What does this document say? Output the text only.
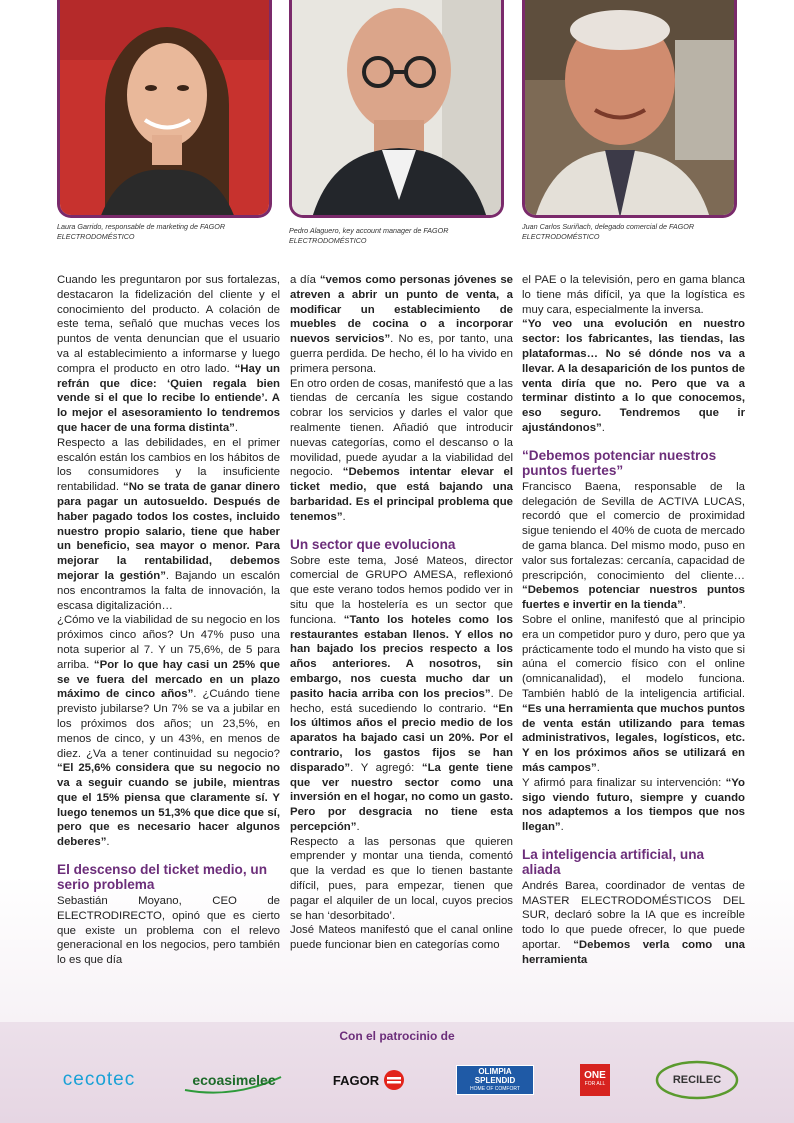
Laura Garrido, responsable de marketing de FAGOR ELECTRODOMÉSTICO
Pedro Alaguero, key account manager de FAGOR ELECTRODOMÉSTICO
Juan Carlos Suriñach, delegado comercial de FAGOR ELECTRODOMÉSTICO

Cuando les preguntaron por sus fortalezas, destacaron la fidelización del cliente y el conocimiento del producto. A colación de este tema, señaló que muchas veces los puntos de venta denuncian que el usuario va al establecimiento a informarse y luego compra el producto en otro lado. “Hay un refrán que dice: ‘Quien regala bien vende si el que lo recibe lo entiende’. A lo mejor el asesoramiento lo tendremos que hacer de una forma distinta”.

Respecto a las debilidades, en el primer escalón están los cambios en los hábitos de los consumidores y la insuficiente rentabilidad. “No se trata de ganar dinero para pagar un autosueldo. Después de haber pagado todos los costes, incluido nuestro propio salario, tiene que haber un beneficio, sea mayor o menor. Para mejorar la rentabilidad, debemos mejorar la gestión”. Bajando un escalón nos encontramos la falta de innovación, la escasa digitalización…

¿Cómo ve la viabilidad de su negocio en los próximos cinco años? Un 47% puso una nota superior al 7. Y un 75,6%, de 5 para arriba. “Por lo que hay casi un 25% que se ve fuera del mercado en un plazo máximo de cinco años”. ¿Cuándo tiene previsto jubilarse? Un 7% se va a jubilar en los próximos dos años; un 23,5%, en menos de cinco, y un 43%, en menos de diez. ¿Va a tener continuidad su negocio? “El 25,6% considera que su negocio no va a seguir cuando se jubile, mientras que el 15% piensa que claramente sí. Y luego tenemos un 51,3% que dice que sí, pero que es necesario hacer algunos deberes”.

El descenso del ticket medio, un serio problema

Sebastián Moyano, CEO de ELECTRODIRECTO, opinó que es cierto que existe un problema con el relevo generacional en los negocios, pero también lo es que día

a día “vemos como personas jóvenes se atreven a abrir un punto de venta, a modificar un establecimiento de muebles de cocina o a incorporar nuevos servicios”. No es, por tanto, una guerra perdida. De hecho, él lo ha vivido en primera persona.

En otro orden de cosas, manifestó que a las tiendas de cercanía les sigue costando cobrar los servicios y darles el valor que realmente tienen. Añadió que introducir nuevas categorías, como el descanso o la movilidad, puede ayudar a la viabilidad del negocio. “Debemos intentar elevar el ticket medio, que está bajando una barbaridad. Es el principal problema que tenemos”.

Un sector que evoluciona

Sobre este tema, José Mateos, director comercial de GRUPO AMESA, reflexionó que este verano todos hemos podido ver in situ que la hostelería es un sector que funciona. “Tanto los hoteles como los restaurantes estaban llenos. Y ellos no han bajado los precios respecto a los años anteriores. A nosotros, sin embargo, nos cuesta mucho dar un pasito hacia arriba con los precios”. De hecho, está sucediendo lo contrario. “En los últimos años el precio medio de los aparatos ha bajado casi un 20%. Por el contrario, los gastos fijos se han disparado”. Y agregó: “La gente tiene que ver nuestro sector como una inversión en el hogar, no como un gasto. Pero por desgracia no tiene esta percepción”.

Respecto a las personas que quieren emprender y montar una tienda, comentó que la verdad es que lo tienen bastante difícil, pues, para empezar, tienen que pagar el alquiler de un local, cuyos precios se han ‘desorbitado’.

José Mateos manifestó que el canal online puede funcionar bien en categorías como

el PAE o la televisión, pero en gama blanca lo tiene más difícil, ya que la logística es muy cara, especialmente la inversa.

“Yo veo una evolución en nuestro sector: los fabricantes, las tiendas, las plataformas… No sé dónde nos va a llevar. A la desaparición de los puntos de venta diría que no. Pero que va a terminar distinto a lo que conocemos, eso seguro. Tendremos que ir ajustándonos”.

“Debemos potenciar nuestros puntos fuertes”

Francisco Baena, responsable de la delegación de Sevilla de ACTIVA LUCAS, recordó que el comercio de proximidad sigue teniendo el 40% de cuota de mercado de gama blanca. Del mismo modo, puso en valor sus fortalezas: cercanía, capacidad de prescripción, conocimiento del cliente… “Debemos potenciar nuestros puntos fuertes e invertir en la tienda”.

Sobre el online, manifestó que al principio era un competidor puro y duro, pero que ya prácticamente todo el mundo ha visto que si aúna el comercio físico con el online (omnicanalidad), el modelo funciona. También habló de la inteligencia artificial. “Es una herramienta que muchos puntos de venta están utilizando para temas administrativos, legales, logísticos, etc. Y en los próximos años se utilizará en más campos”.

Y afirmó para finalizar su intervención: “Yo sigo viendo futuro, siempre y cuando nos adaptemos a los tiempos que nos llegan”.

La inteligencia artificial, una aliada

Andrés Barea, coordinador de ventas de MASTER ELECTRODOMÉSTICOS DEL SUR, declaró sobre la IA que es increíble todo lo que puede ofrecer, lo que puede aportar. “Debemos verla como una herramienta

Con el patrocinio de
cecotec	ecoasimelec	FAGOR
OLIMPIA
SPLENDID
HOME OF COMFORT
ONE
FOR ALL	RECILEC
